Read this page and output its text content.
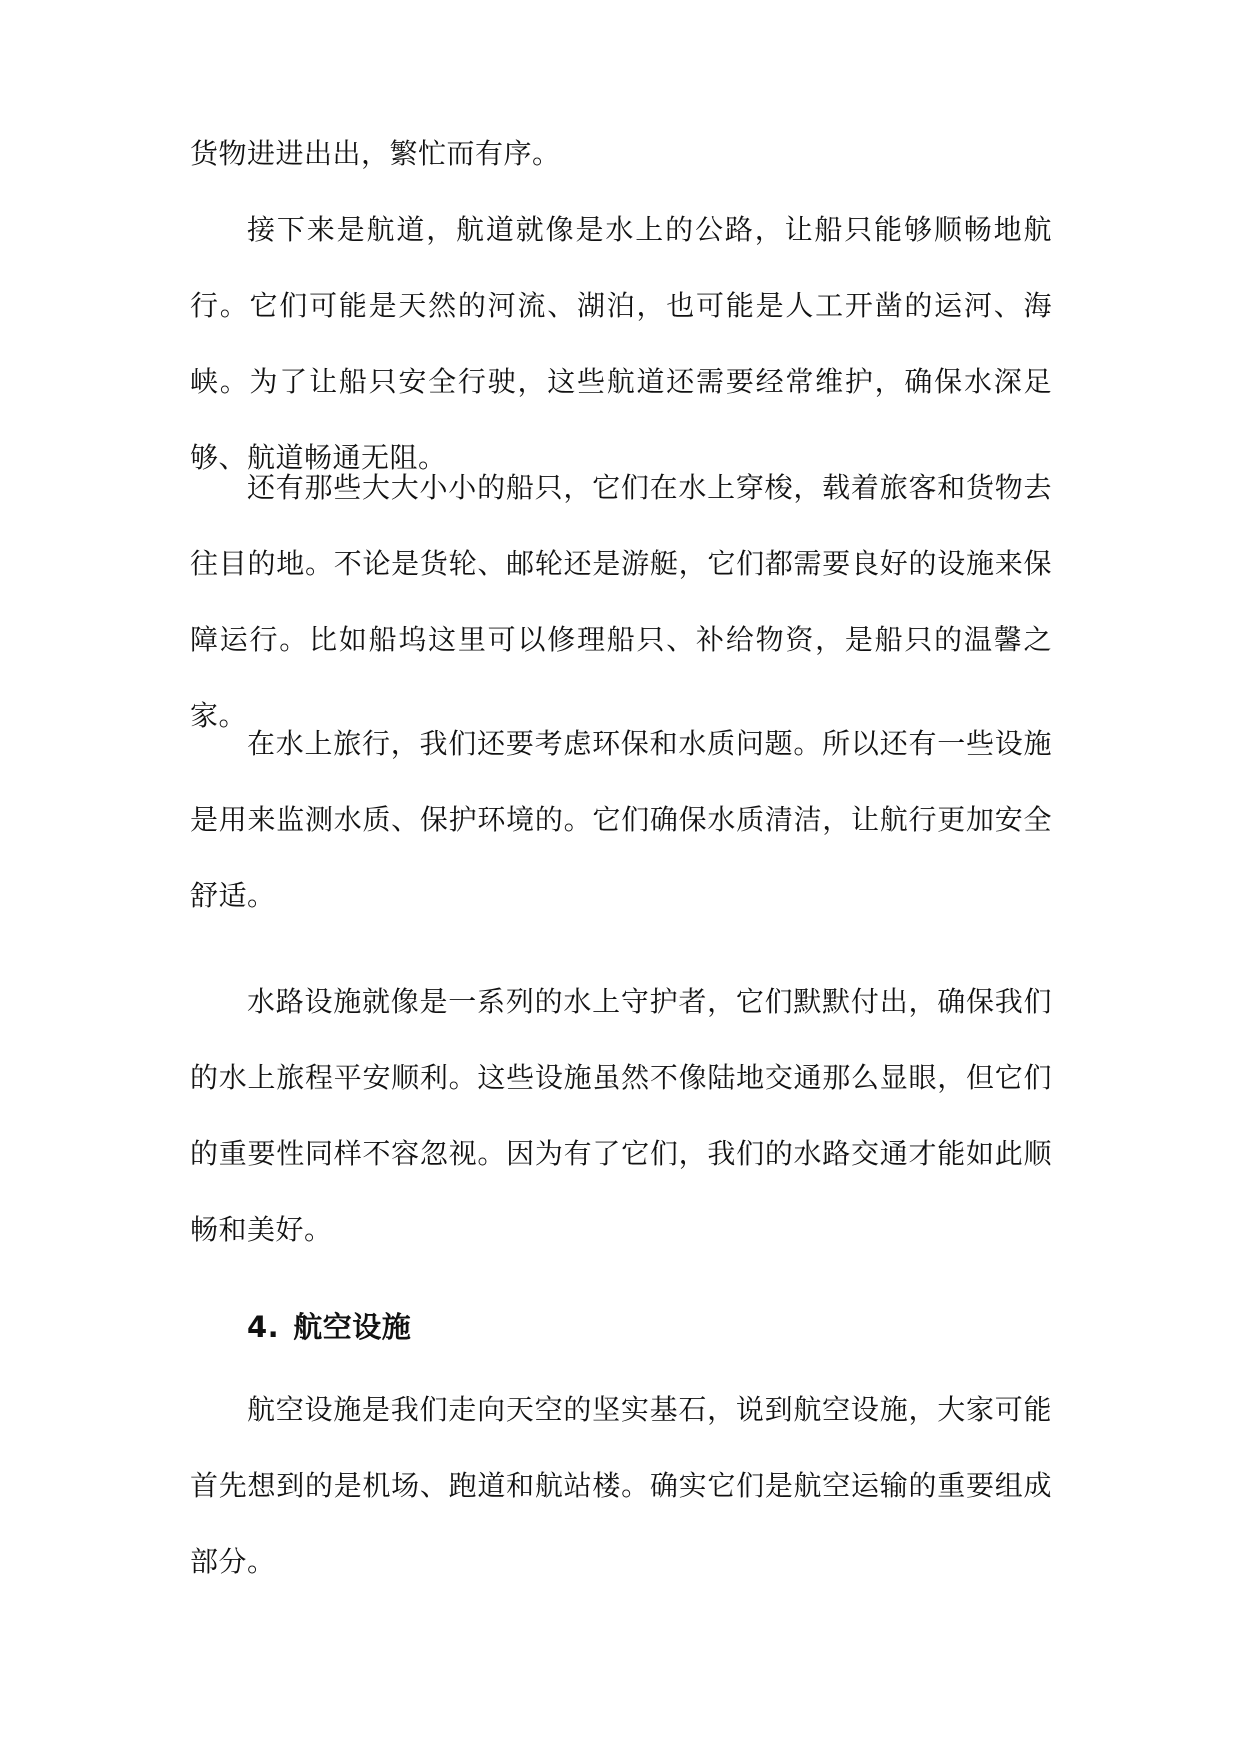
货物进进出出，繁忙而有序。

接下来是航道，航道就像是水上的公路，让船只能够顺畅地航行。它们可能是天然的河流、湖泊，也可能是人工开凿的运河、海峡。为了让船只安全行驶，这些航道还需要经常维护，确保水深足够、航道畅通无阻。

还有那些大大小小的船只，它们在水上穿梭，载着旅客和货物去往目的地。不论是货轮、邮轮还是游艇，它们都需要良好的设施来保障运行。比如船坞这里可以修理船只、补给物资，是船只的温馨之家。

在水上旅行，我们还要考虑环保和水质问题。所以还有一些设施是用来监测水质、保护环境的。它们确保水质清洁，让航行更加安全舒适。

水路设施就像是一系列的水上守护者，它们默默付出，确保我们的水上旅程平安顺利。这些设施虽然不像陆地交通那么显眼，但它们的重要性同样不容忽视。因为有了它们，我们的水路交通才能如此顺畅和美好。

4. 航空设施

航空设施是我们走向天空的坚实基石，说到航空设施，大家可能首先想到的是机场、跑道和航站楼。确实它们是航空运输的重要组成部分。
